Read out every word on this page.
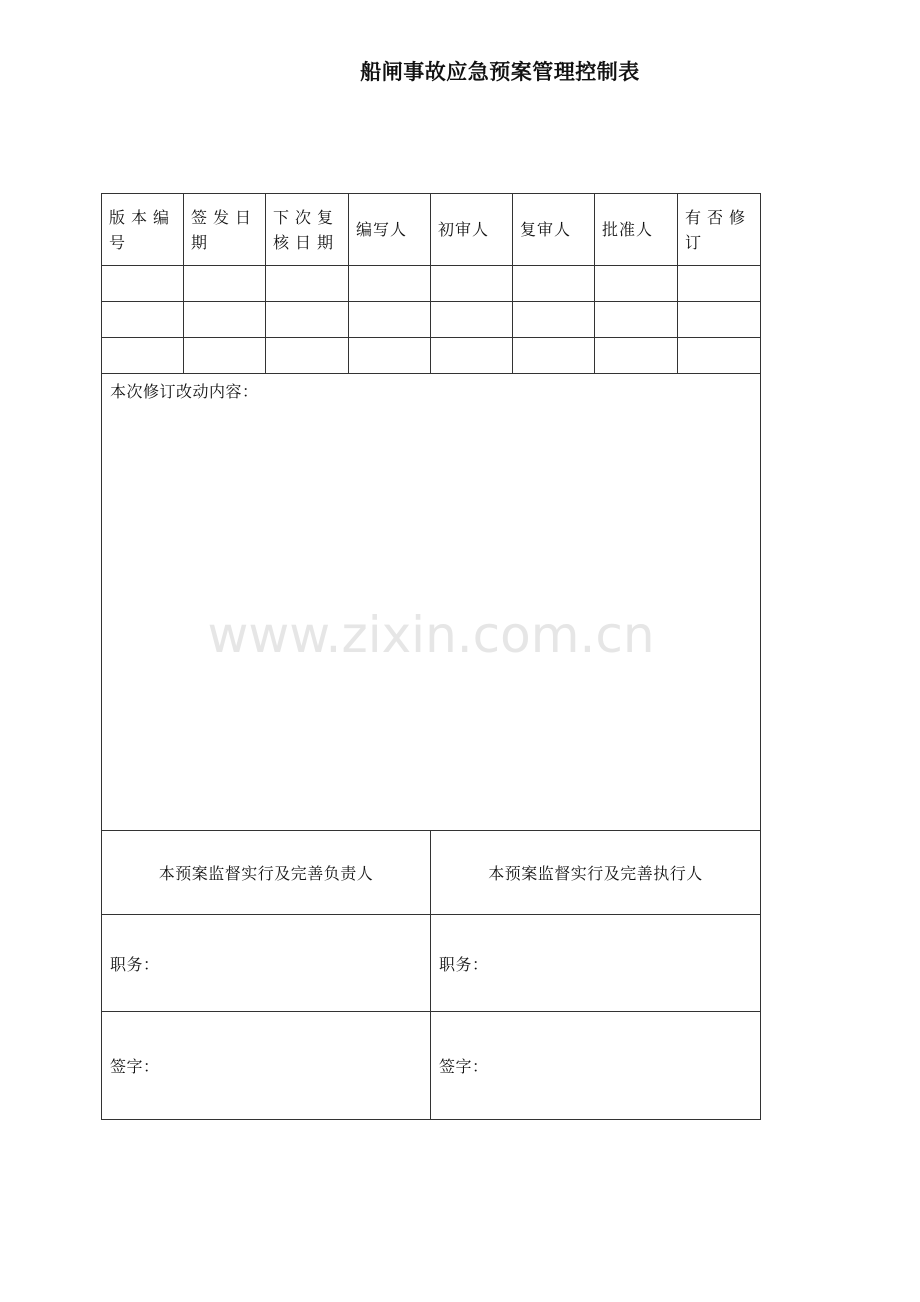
船闸事故应急预案管理控制表
版本编号	签发日期	下次复核日期	编写人	初审人	复审人	批准人	有否修订

本次修订改动内容：
www.zixin.com.cn							

本预案监督实行及完善负责人				本预案监督实行及完善执行人			
职务：				职务：			
签字：				签字：			
